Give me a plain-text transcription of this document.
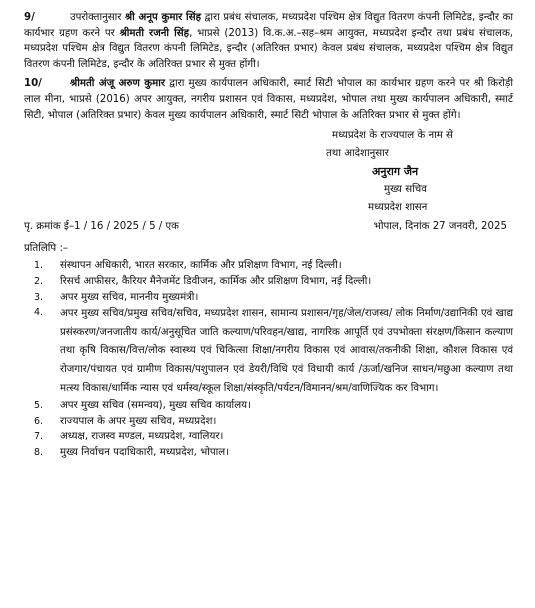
9/	उपरोक्तानुसार श्री अनूप कुमार सिंह द्वारा प्रबंध संचालक, मध्यप्रदेश पश्चिम क्षेत्र विद्युत वितरण कंपनी लिमिटेड, इन्दौर का कार्यभार ग्रहण करने पर श्रीमती रजनी सिंह, भाप्रसे (2013) वि.क.अ.–सह–श्रम आयुक्त, मध्यप्रदेश इन्दौर तथा प्रबंध संचालक, मध्यप्रदेश पश्चिम क्षेत्र विद्युत वितरण कंपनी लिमिटेड, इन्दौर (अतिरिक्त प्रभार) केवल प्रबंध संचालक, मध्यप्रदेश पश्चिम क्षेत्र विद्युत वितरण कंपनी लिमिटेड, इन्दौर के अतिरिक्त प्रभार से मुक्त होंगी।

10/	श्रीमती अंजू अरुण कुमार द्वारा मुख्य कार्यपालन अधिकारी, स्मार्ट सिटी भोपाल का कार्यभार ग्रहण करने पर श्री किरोड़ी लाल मीना, भाप्रसे (2016) अपर आयुक्त, नगरीय प्रशासन एवं विकास, मध्यप्रदेश, भोपाल तथा मुख्य कार्यपालन अधिकारी, स्मार्ट सिटी, भोपाल (अतिरिक्त प्रभार) केवल मुख्य कार्यपालन अधिकारी, स्मार्ट सिटी भोपाल के अतिरिक्त प्रभार से मुक्त होंगे।

मध्यप्रदेश के राज्यपाल के नाम से
तथा आदेशानुसार
अनुराग जैन
मुख्य सचिव
मध्यप्रदेश शासन
पृ. क्रमांक ई–1 / 16 / 2025 / 5 / एक	भोपाल, दिनांक 27 जनवरी, 2025
प्रतिलिपि :–
1.	संस्थापन अधिकारी, भारत सरकार, कार्मिक और प्रशिक्षण विभाग, नई दिल्ली।
2.	रिसर्च आफीसर, कैरियर मैनेजमेंट डिवीजन, कार्मिक और प्रशिक्षण विभाग, नई दिल्ली।
3.	अपर मुख्य सचिव, माननीय मुख्यमंत्री।
4.	अपर मुख्य सचिव/प्रमुख सचिव/सचिव, मध्यप्रदेश शासन, सामान्य प्रशासन/गृह/जेल/राजस्व/ लोक निर्माण/उद्यानिकी एवं खाद्य प्रसंस्करण/जनजातीय कार्य/अनुसूचित जाति कल्याण/परिवहन/खाद्य, नागरिक आपूर्ति एवं उपभोक्ता संरक्षण/किसान कल्याण तथा कृषि विकास/वित्त/लोक स्वास्थ्य एवं चिकित्सा शिक्षा/नगरीय विकास एवं आवास/तकनीकी शिक्षा, कौशल विकास एवं रोजगार/पंचायत एवं ग्रामीण विकास/पशुपालन एवं डेयरी/विधि एवं विधायी कार्य /ऊर्जा/खनिज साधन/मछुआ कल्याण तथा मत्स्य विकास/धार्मिक न्यास एवं धर्मस्व/स्कूल शिक्षा/संस्कृति/पर्यटन/विमानन/श्रम/वाणिज्यिक कर विभाग।
5.	अपर मुख्य सचिव (समन्वय), मुख्य सचिव कार्यालय।
6.	राज्यपाल के अपर मुख्य सचिव, मध्यप्रदेश।
7.	अध्यक्ष, राजस्व मण्डल, मध्यप्रदेश, ग्वालियर।
8.	मुख्य निर्वाचन पदाधिकारी, मध्यप्रदेश, भोपाल।
